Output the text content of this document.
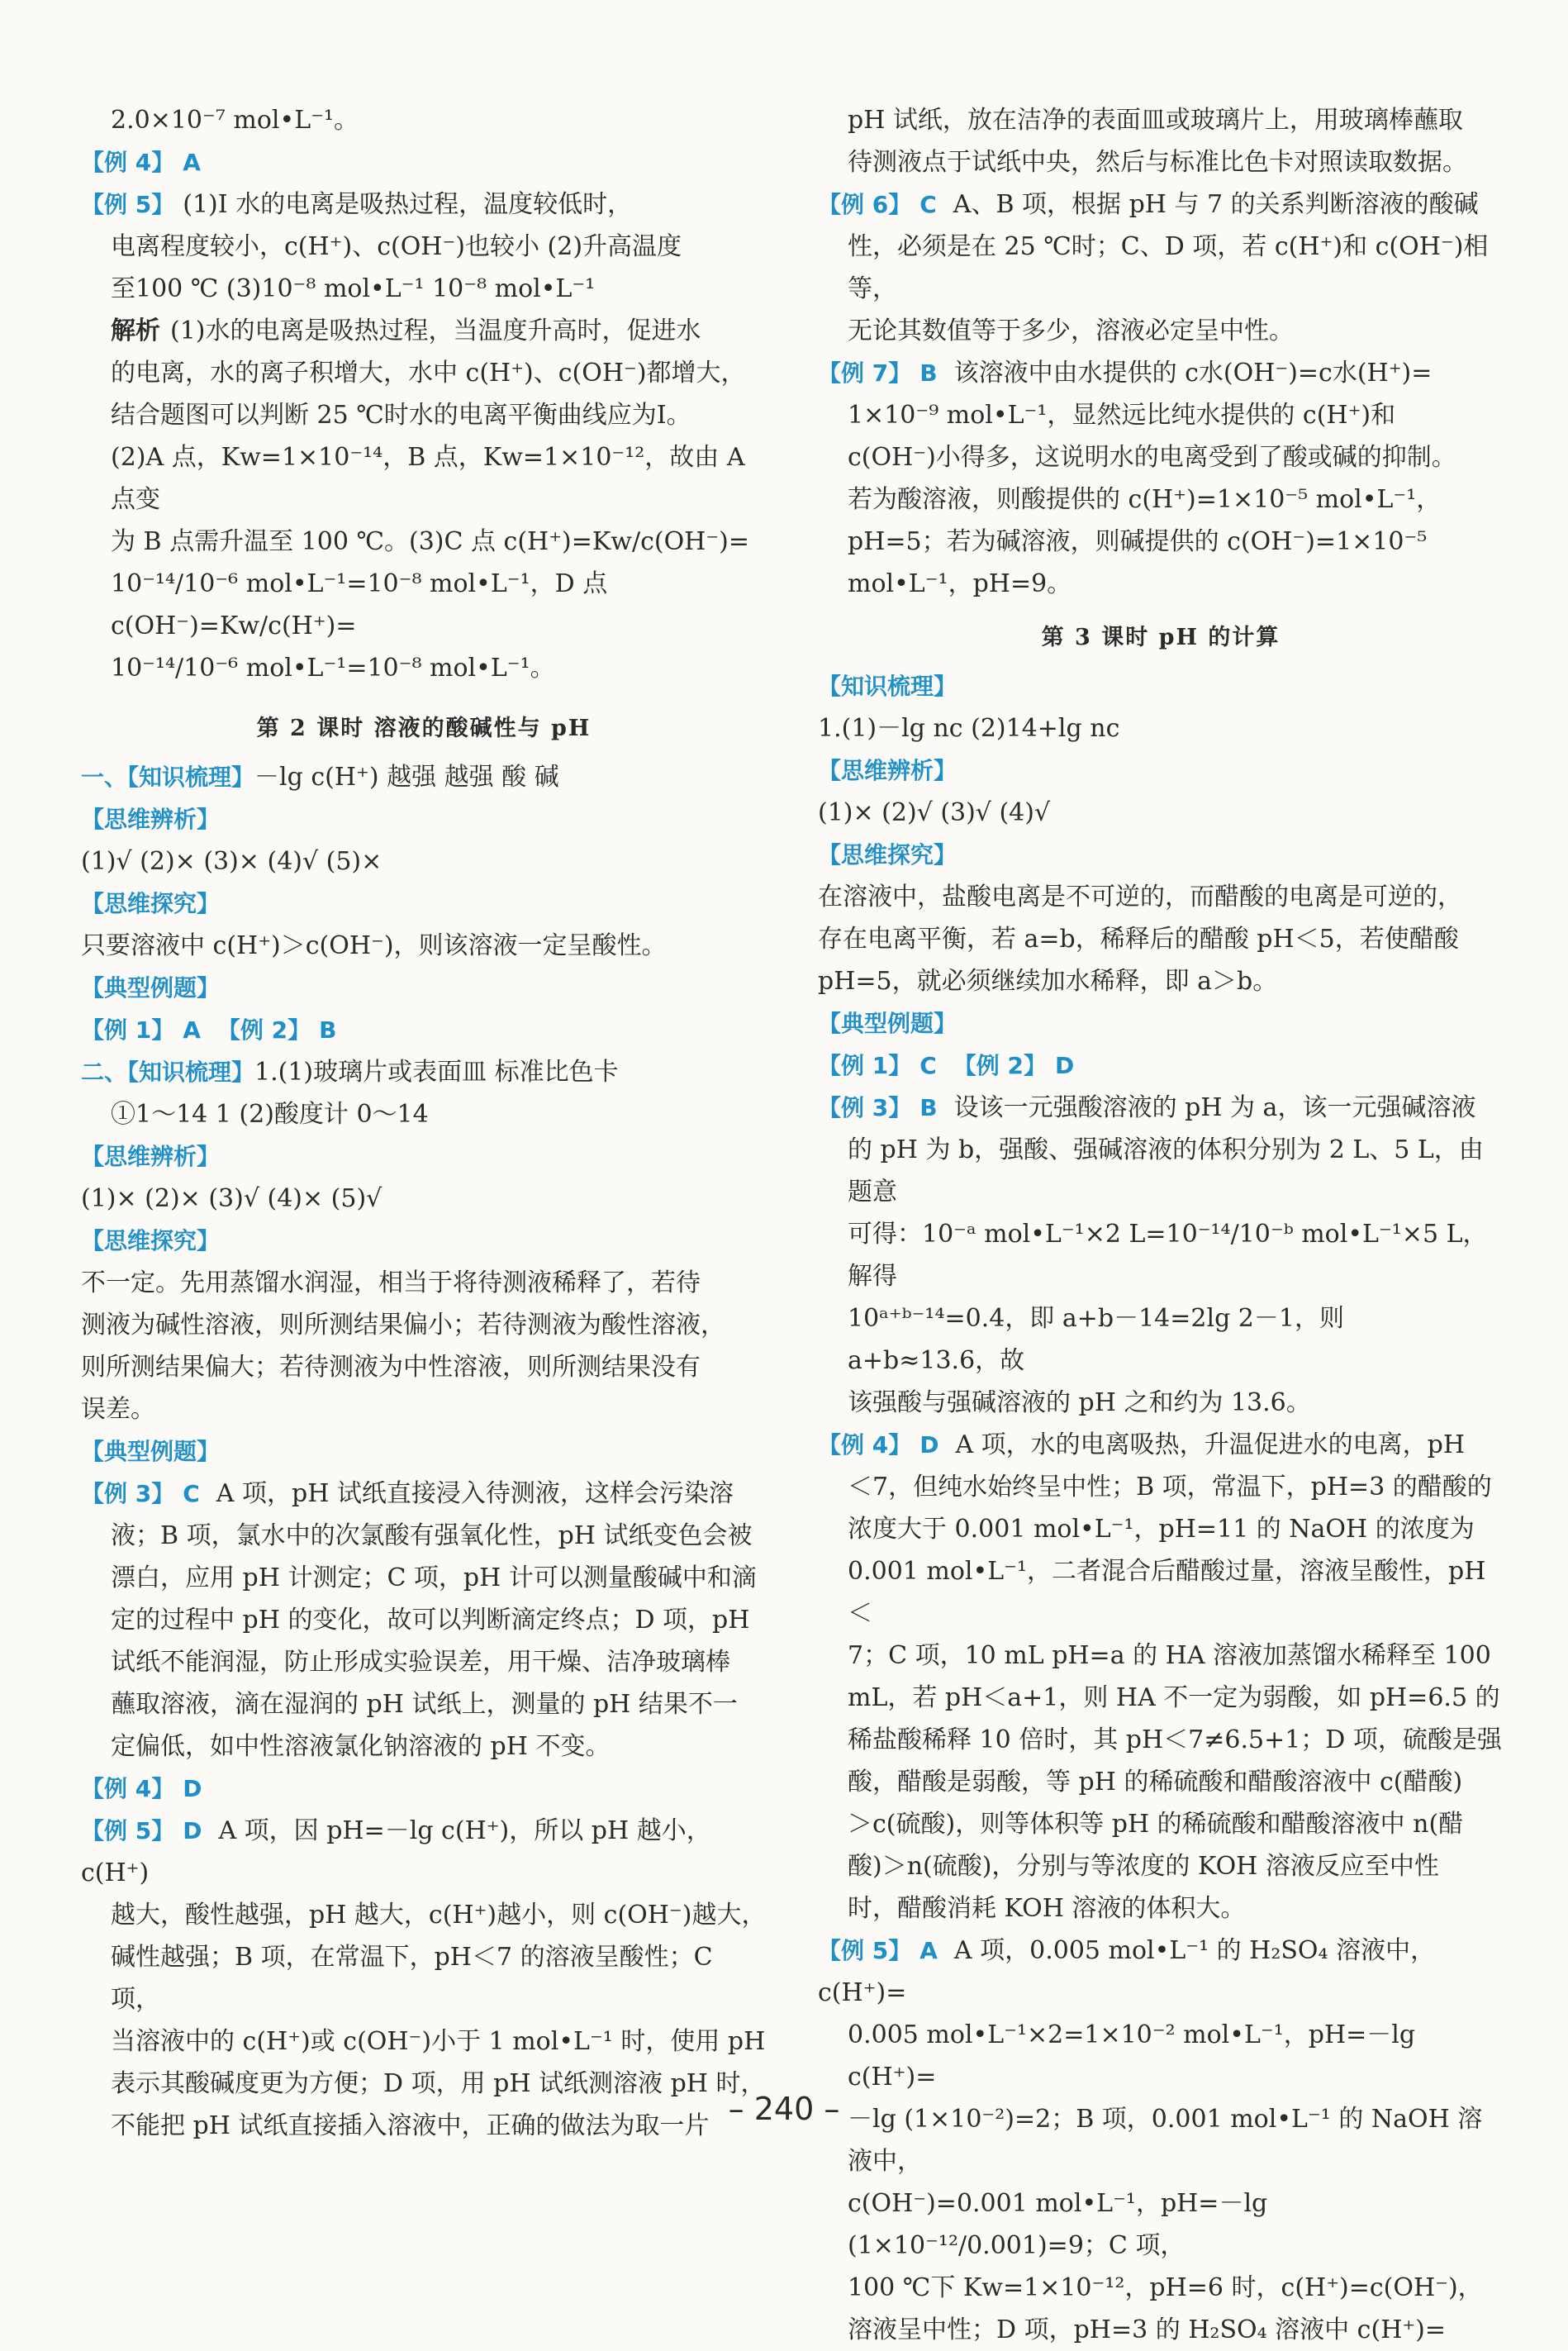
2.0×10⁻⁷ mol•L⁻¹。

【例 4】 A

【例 5】 (1)Ⅰ 水的电离是吸热过程，温度较低时，

电离程度较小，c(H⁺)、c(OH⁻)也较小 (2)升高温度

至100 ℃ (3)10⁻⁸ mol•L⁻¹ 10⁻⁸ mol•L⁻¹

解析 (1)水的电离是吸热过程，当温度升高时，促进水

的电离，水的离子积增大，水中 c(H⁺)、c(OH⁻)都增大，

结合题图可以判断 25 ℃时水的电离平衡曲线应为Ⅰ。

(2)A 点，Kw=1×10⁻¹⁴，B 点，Kw=1×10⁻¹²，故由 A 点变

为 B 点需升温至 100 ℃。(3)C 点 c(H⁺)=Kw/c(OH⁻)=

10⁻¹⁴/10⁻⁶ mol•L⁻¹=10⁻⁸ mol•L⁻¹，D 点 c(OH⁻)=Kw/c(H⁺)=

10⁻¹⁴/10⁻⁶ mol•L⁻¹=10⁻⁸ mol•L⁻¹。

第 2 课时 溶液的酸碱性与 pH

一、【知识梳理】－lg c(H⁺) 越强 越强 酸 碱

【思维辨析】

(1)√ (2)× (3)× (4)√ (5)×

【思维探究】

只要溶液中 c(H⁺)＞c(OH⁻)，则该溶液一定呈酸性。

【典型例题】

【例 1】 A 【例 2】 B

二、【知识梳理】1.(1)玻璃片或表面皿 标准比色卡

①1～14 1 (2)酸度计 0～14

【思维辨析】

(1)× (2)× (3)√ (4)× (5)√

【思维探究】

不一定。先用蒸馏水润湿，相当于将待测液稀释了，若待

测液为碱性溶液，则所测结果偏小；若待测液为酸性溶液，

则所测结果偏大；若待测液为中性溶液，则所测结果没有

误差。

【典型例题】

【例 3】 C A 项，pH 试纸直接浸入待测液，这样会污染溶

液；B 项，氯水中的次氯酸有强氧化性，pH 试纸变色会被

漂白，应用 pH 计测定；C 项，pH 计可以测量酸碱中和滴

定的过程中 pH 的变化，故可以判断滴定终点；D 项，pH

试纸不能润湿，防止形成实验误差，用干燥、洁净玻璃棒

蘸取溶液，滴在湿润的 pH 试纸上，测量的 pH 结果不一

定偏低，如中性溶液氯化钠溶液的 pH 不变。

【例 4】 D

【例 5】 D A 项，因 pH=－lg c(H⁺)，所以 pH 越小，c(H⁺)

越大，酸性越强，pH 越大，c(H⁺)越小，则 c(OH⁻)越大，

碱性越强；B 项，在常温下，pH＜7 的溶液呈酸性；C 项，

当溶液中的 c(H⁺)或 c(OH⁻)小于 1 mol•L⁻¹ 时，使用 pH

表示其酸碱度更为方便；D 项，用 pH 试纸测溶液 pH 时，

不能把 pH 试纸直接插入溶液中，正确的做法为取一片

pH 试纸，放在洁净的表面皿或玻璃片上，用玻璃棒蘸取

待测液点于试纸中央，然后与标准比色卡对照读取数据。

【例 6】 C A、B 项，根据 pH 与 7 的关系判断溶液的酸碱

性，必须是在 25 ℃时；C、D 项，若 c(H⁺)和 c(OH⁻)相等，

无论其数值等于多少，溶液必定呈中性。

【例 7】 B 该溶液中由水提供的 c水(OH⁻)=c水(H⁺)=

1×10⁻⁹ mol•L⁻¹，显然远比纯水提供的 c(H⁺)和

c(OH⁻)小得多，这说明水的电离受到了酸或碱的抑制。

若为酸溶液，则酸提供的 c(H⁺)=1×10⁻⁵ mol•L⁻¹，

pH=5；若为碱溶液，则碱提供的 c(OH⁻)=1×10⁻⁵

mol•L⁻¹，pH=9。

第 3 课时 pH 的计算

【知识梳理】

1.(1)－lg nc (2)14+lg nc

【思维辨析】

(1)× (2)√ (3)√ (4)√

【思维探究】

在溶液中，盐酸电离是不可逆的，而醋酸的电离是可逆的，

存在电离平衡，若 a=b，稀释后的醋酸 pH＜5，若使醋酸

pH=5，就必须继续加水稀释，即 a＞b。

【典型例题】

【例 1】 C 【例 2】 D

【例 3】 B 设该一元强酸溶液的 pH 为 a，该一元强碱溶液

的 pH 为 b，强酸、强碱溶液的体积分别为 2 L、5 L，由题意

可得：10⁻ᵃ mol•L⁻¹×2 L=10⁻¹⁴/10⁻ᵇ mol•L⁻¹×5 L，解得

10ᵃ⁺ᵇ⁻¹⁴=0.4，即 a+b－14=2lg 2－1，则 a+b≈13.6，故

该强酸与强碱溶液的 pH 之和约为 13.6。

【例 4】 D A 项，水的电离吸热，升温促进水的电离，pH

＜7，但纯水始终呈中性；B 项，常温下，pH=3 的醋酸的

浓度大于 0.001 mol•L⁻¹，pH=11 的 NaOH 的浓度为

0.001 mol•L⁻¹，二者混合后醋酸过量，溶液呈酸性，pH＜

7；C 项，10 mL pH=a 的 HA 溶液加蒸馏水稀释至 100

mL，若 pH＜a+1，则 HA 不一定为弱酸，如 pH=6.5 的

稀盐酸稀释 10 倍时，其 pH＜7≠6.5+1；D 项，硫酸是强

酸，醋酸是弱酸，等 pH 的稀硫酸和醋酸溶液中 c(醋酸)

＞c(硫酸)，则等体积等 pH 的稀硫酸和醋酸溶液中 n(醋

酸)＞n(硫酸)，分别与等浓度的 KOH 溶液反应至中性

时，醋酸消耗 KOH 溶液的体积大。

【例 5】 A A 项，0.005 mol•L⁻¹ 的 H₂SO₄ 溶液中，c(H⁺)=

0.005 mol•L⁻¹×2=1×10⁻² mol•L⁻¹，pH=－lg c(H⁺)=

－lg (1×10⁻²)=2；B 项，0.001 mol•L⁻¹ 的 NaOH 溶液中，

c(OH⁻)=0.001 mol•L⁻¹，pH=－lg (1×10⁻¹²/0.001)=9；C 项，

100 ℃下 Kw=1×10⁻¹²，pH=6 时，c(H⁺)=c(OH⁻)，

溶液呈中性；D 项，pH=3 的 H₂SO₄ 溶液中 c(H⁺)=

– 240 –
